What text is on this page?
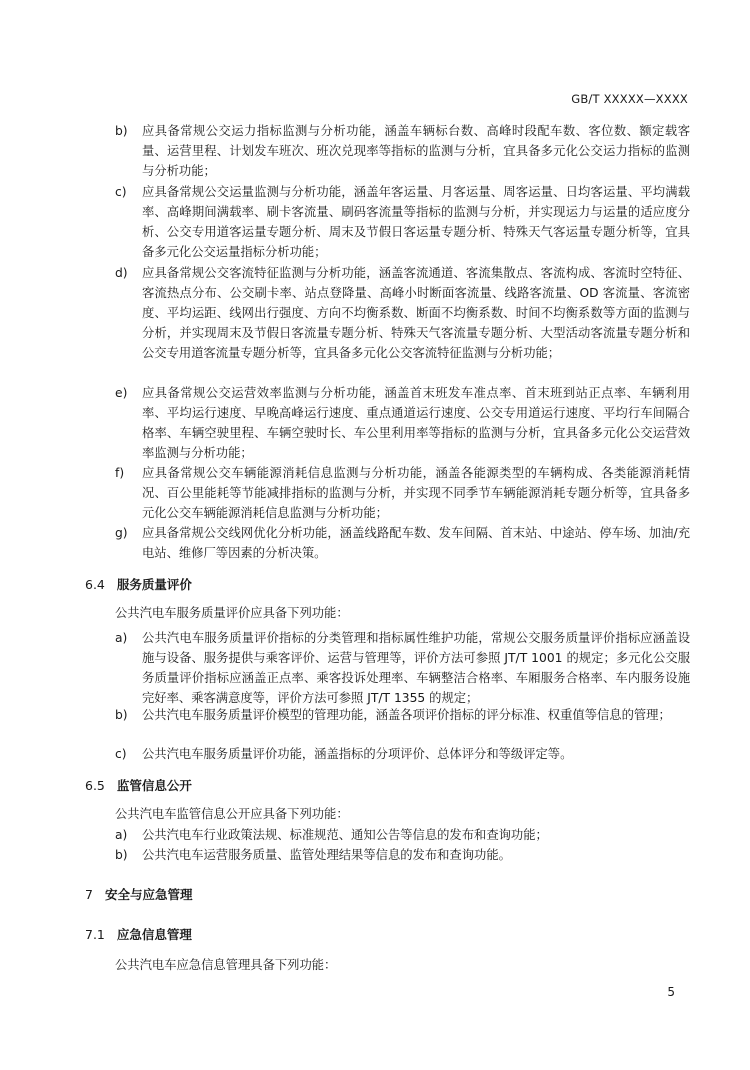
GB/T XXXXX—XXXX
b)	应具备常规公交运力指标监测与分析功能，涵盖车辆标台数、高峰时段配车数、客位数、额定载客量、运营里程、计划发车班次、班次兑现率等指标的监测与分析，宜具备多元化公交运力指标的监测与分析功能；
c)	应具备常规公交运量监测与分析功能，涵盖年客运量、月客运量、周客运量、日均客运量、平均满载率、高峰期间满载率、刷卡客流量、刷码客流量等指标的监测与分析，并实现运力与运量的适应度分析、公交专用道客运量专题分析、周末及节假日客运量专题分析、特殊天气客运量专题分析等，宜具备多元化公交运量指标分析功能；
d)	应具备常规公交客流特征监测与分析功能，涵盖客流通道、客流集散点、客流构成、客流时空特征、客流热点分布、公交刷卡率、站点登降量、高峰小时断面客流量、线路客流量、OD 客流量、客流密度、平均运距、线网出行强度、方向不均衡系数、断面不均衡系数、时间不均衡系数等方面的监测与分析，并实现周末及节假日客流量专题分析、特殊天气客流量专题分析、大型活动客流量专题分析和公交专用道客流量专题分析等，宜具备多元化公交客流特征监测与分析功能；
e)	应具备常规公交运营效率监测与分析功能，涵盖首末班发车准点率、首末班到站正点率、车辆利用率、平均运行速度、早晚高峰运行速度、重点通道运行速度、公交专用道运行速度、平均行车间隔合格率、车辆空驶里程、车辆空驶时长、车公里利用率等指标的监测与分析，宜具备多元化公交运营效率监测与分析功能；
f)	应具备常规公交车辆能源消耗信息监测与分析功能，涵盖各能源类型的车辆构成、各类能源消耗情况、百公里能耗等节能减排指标的监测与分析，并实现不同季节车辆能源消耗专题分析等，宜具备多元化公交车辆能源消耗信息监测与分析功能；
g)	应具备常规公交线网优化分析功能，涵盖线路配车数、发车间隔、首末站、中途站、停车场、加油/充电站、维修厂等因素的分析决策。
6.4 服务质量评价
公共汽电车服务质量评价应具备下列功能：
a)	公共汽电车服务质量评价指标的分类管理和指标属性维护功能，常规公交服务质量评价指标应涵盖设施与设备、服务提供与乘客评价、运营与管理等，评价方法可参照 JT/T 1001 的规定；多元化公交服务质量评价指标应涵盖正点率、乘客投诉处理率、车辆整洁合格率、车厢服务合格率、车内服务设施完好率、乘客满意度等，评价方法可参照 JT/T 1355 的规定；
b)	公共汽电车服务质量评价模型的管理功能，涵盖各项评价指标的评分标准、权重值等信息的管理；
c)	公共汽电车服务质量评价功能，涵盖指标的分项评价、总体评分和等级评定等。
6.5 监管信息公开
公共汽电车监管信息公开应具备下列功能：
a)	公共汽电车行业政策法规、标准规范、通知公告等信息的发布和查询功能；
b)	公共汽电车运营服务质量、监管处理结果等信息的发布和查询功能。
7 安全与应急管理
7.1 应急信息管理
公共汽电车应急信息管理具备下列功能：
5
